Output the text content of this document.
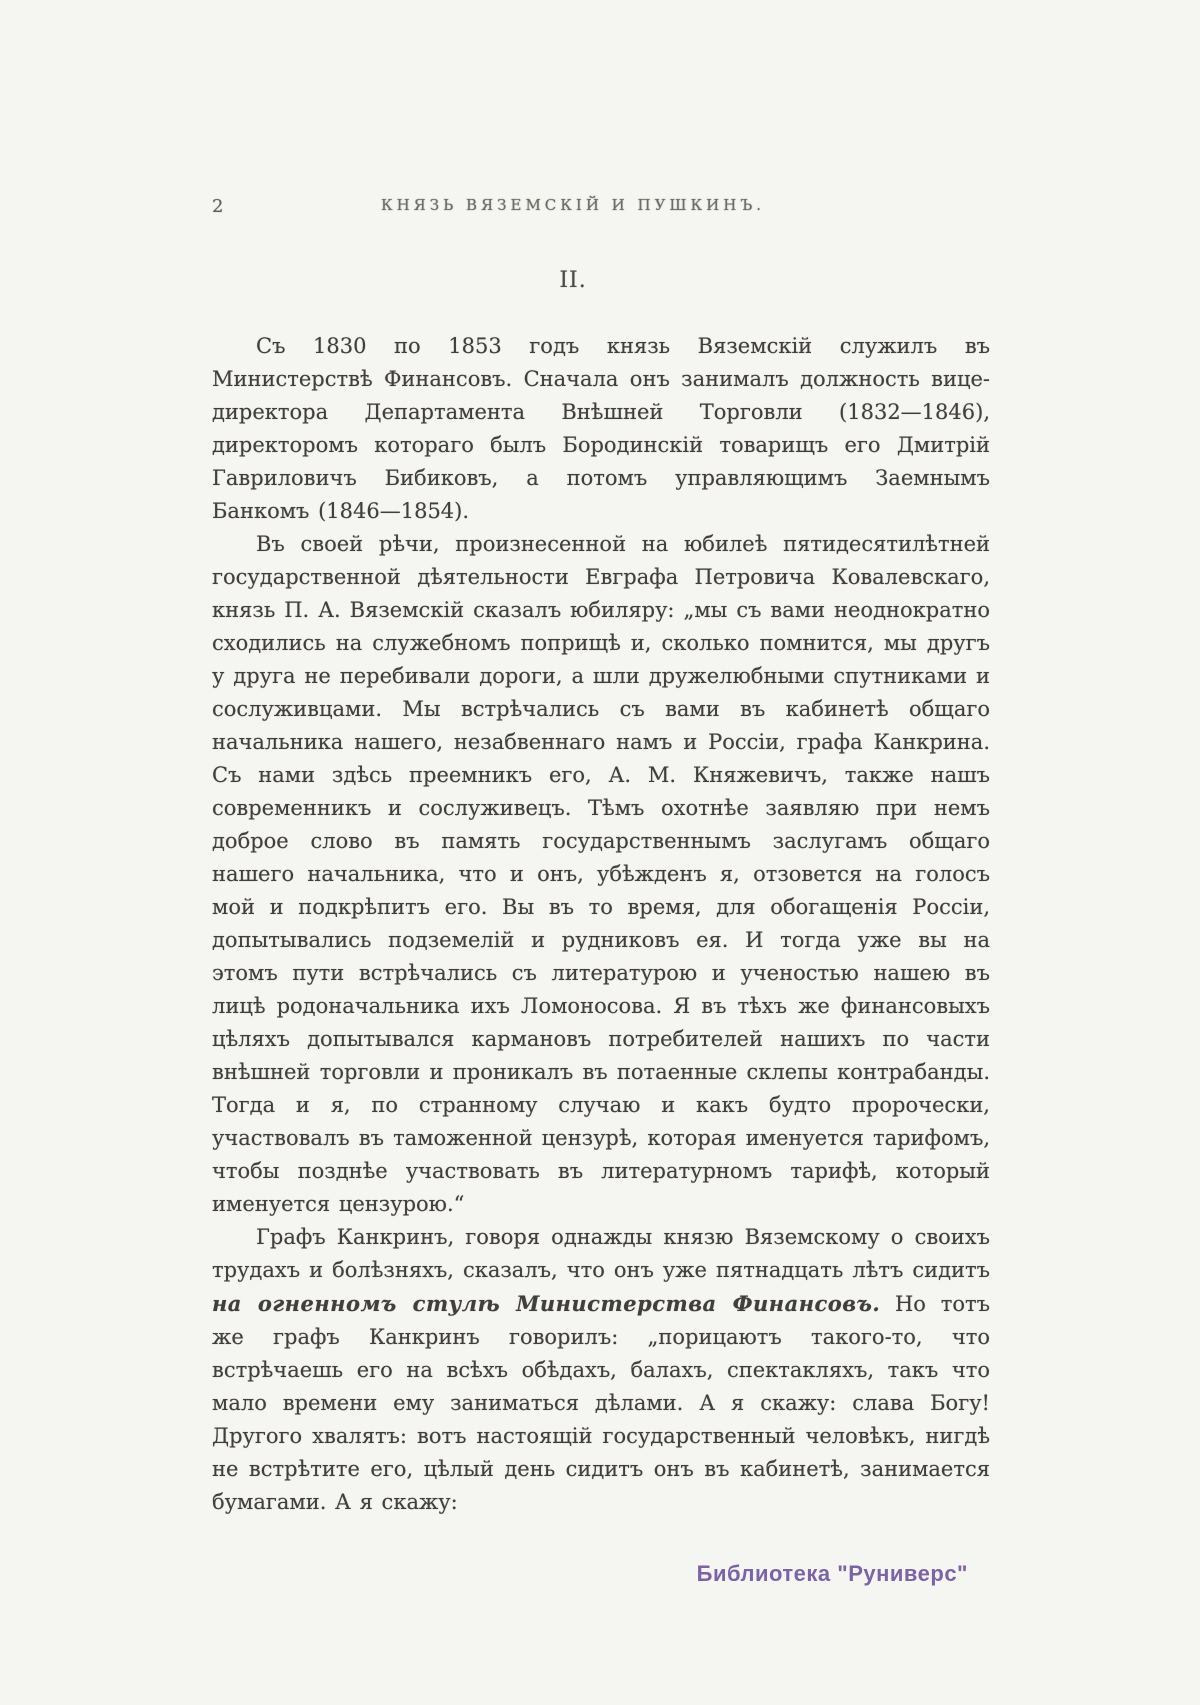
2	КНЯЗЬ ВЯЗЕМСКІЙ И ПУШКИНЪ.
II.

Съ 1830 по 1853 годъ князь Вяземскій служилъ въ Министерствѣ Финансовъ. Сначала онъ занималъ должность вице-директора Департамента Внѣшней Торговли (1832—1846), директоромъ котораго былъ Бородинскій товарищъ его Дмитрій Гавриловичъ Бибиковъ, а потомъ управляющимъ Заемнымъ Банкомъ (1846—1854).

Въ своей рѣчи, произнесенной на юбилеѣ пятидесятилѣтней государственной дѣятельности Евграфа Петровича Ковалевскаго, князь П. А. Вяземскій сказалъ юбиляру: „мы съ вами неоднократно сходились на служебномъ поприщѣ и, сколько помнится, мы другъ у друга не перебивали дороги, а шли дружелюбными спутниками и сослуживцами. Мы встрѣчались съ вами въ кабинетѣ общаго начальника нашего, незабвеннаго намъ и Россіи, графа Канкрина. Съ нами здѣсь преемникъ его, А. М. Княжевичъ, также нашъ современникъ и сослуживецъ. Тѣмъ охотнѣе заявляю при немъ доброе слово въ память государственнымъ заслугамъ общаго нашего начальника, что и онъ, убѣжденъ я, отзовется на голосъ мой и подкрѣпитъ его. Вы въ то время, для обогащенія Россіи, допытывались подземелій и рудниковъ ея. И тогда уже вы на этомъ пути встрѣчались съ литературою и ученостью нашею въ лицѣ родоначальника ихъ Ломоносова. Я въ тѣхъ же финансовыхъ цѣляхъ допытывался кармановъ потребителей нашихъ по части внѣшней торговли и проникалъ въ потаенные склепы контрабанды. Тогда и я, по странному случаю и какъ будто пророчески, участвовалъ въ таможенной цензурѣ, которая именуется тарифомъ, чтобы позднѣе участвовать въ литературномъ тарифѣ, который именуется цензурою.“

Графъ Канкринъ, говоря однажды князю Вяземскому о своихъ трудахъ и болѣзняхъ, сказалъ, что онъ уже пятнадцать лѣтъ сидитъ на огненномъ стулѣ Министерства Финансовъ. Но тотъ же графъ Канкринъ говорилъ: „порицаютъ такого-то, что встрѣчаешь его на всѣхъ обѣдахъ, балахъ, спектакляхъ, такъ что мало времени ему заниматься дѣлами. А я скажу: слава Богу! Другого хвалятъ: вотъ настоящій государственный человѣкъ, нигдѣ не встрѣтите его, цѣлый день сидитъ онъ въ кабинетѣ, занимается бумагами. А я скажу:

Библиотека "Руниверс"
